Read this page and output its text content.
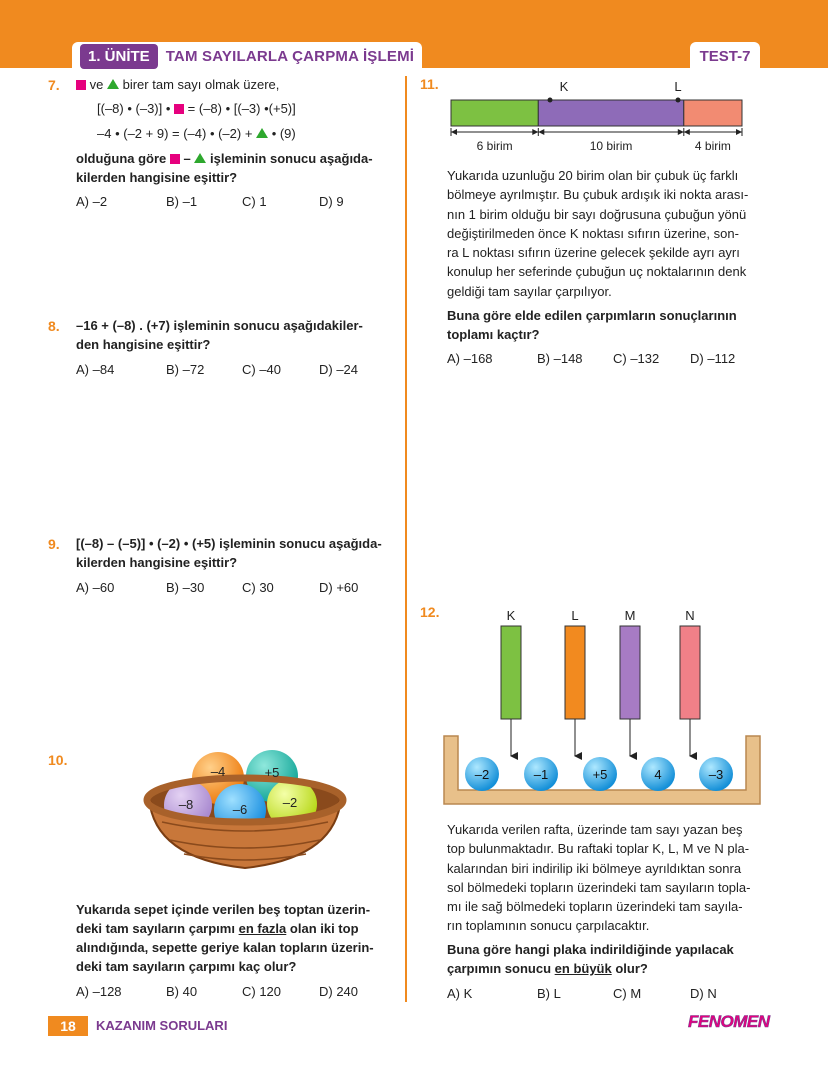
1. ÜNİTE	TAM SAYILARLA ÇARPMA İŞLEMİ	TEST-7
7.	ve birer tam sayı olmak üzere,
[(–8) • (–3)] • = (–8) • [(–3) •(+5)]
–4 • (–2 + 9) = (–4) • (–2) + • (9)
olduğuna göre – işleminin sonucu aşağıda-
kilerden hangisine eşittir?
A) –2	B) –1	C) 1	D) 9
8. –16 + (–8) . (+7) işleminin sonucu aşağıdakiler-
den hangisine eşittir?
A) –84	B) –72	C) –40	D) –24
9. [(–8) – (–5)] • (–2) • (+5) işleminin sonucu aşağıda-
kilerden hangisine eşittir?
A) –60	B) –30	C) 30	D) +60
10.
–4	+5
–8	–6	–2
Yukarıda sepet içinde verilen beş toptan üzerin-
deki tam sayıların çarpımı en fazla olan iki top
alındığında, sepette geriye kalan topların üzerin-
deki tam sayıların çarpımı kaç olur?
A) –128	B) 40	C) 120	D) 240
11.	K	L
6 birim	10 birim	4 birim

Yukarıda uzunluğu 20 birim olan bir çubuk üç farklı

bölmeye ayrılmıştır. Bu çubuk ardışık iki nokta arası-

nın 1 birim olduğu bir sayı doğrusuna çubuğun yönü

değiştirilmeden önce K noktası sıfırın üzerine, son-

ra L noktası sıfırın üzerine gelecek şekilde ayrı ayrı

konulup her seferinde çubuğun uç noktalarının denk

geldiği tam sayılar çarpılıyor.

Buna göre elde edilen çarpımların sonuçlarının
toplamı kaçtır?
A) –168	B) –148	C) –132	D) –112
12.	K	L	M	N
–2	–1	+5	4	–3

Yukarıda verilen rafta, üzerinde tam sayı yazan beş

top bulunmaktadır. Bu raftaki toplar K, L, M ve N pla-

kalarından biri indirilip iki bölmeye ayrıldıktan sonra

sol bölmedeki topların üzerindeki tam sayıların topla-

mı ile sağ bölmedeki topların üzerindeki tam sayıla-

rın toplamının sonucu çarpılacaktır.

Buna göre hangi plaka indirildiğinde yapılacak
çarpımın sonucu en büyük olur?
A) K	B) L	C) M	D) N
18	KAZANIM SORULARI	FENOMEN
